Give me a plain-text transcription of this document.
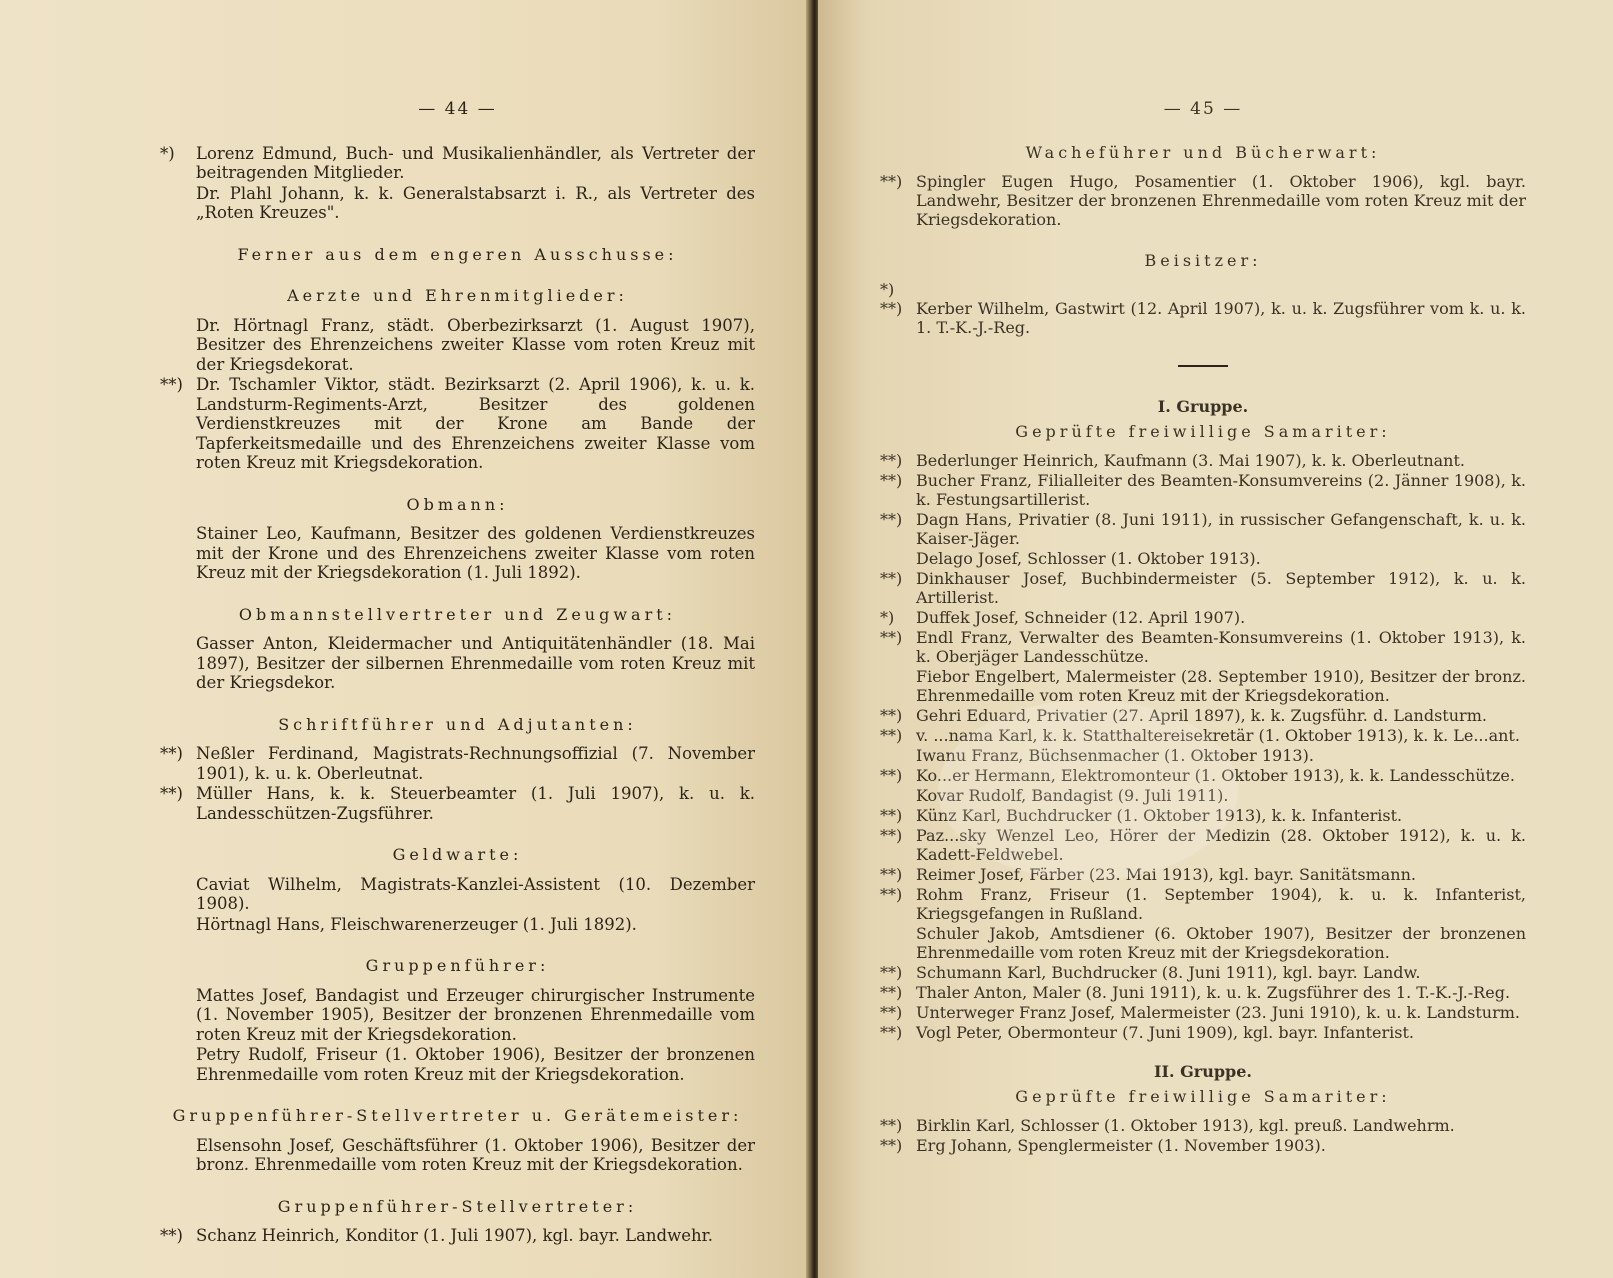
— 44 —

*) Lorenz Edmund, Buch- und Musikalienhändler, als Vertreter der beitragenden Mitglieder.

Dr. Plahl Johann, k. k. Generalstabsarzt i. R., als Vertreter des „Roten Kreuzes".

Ferner aus dem engeren Ausschusse:
Aerzte und Ehrenmitglieder:

Dr. Hörtnagl Franz, städt. Oberbezirksarzt (1. August 1907), Besitzer des Ehrenzeichens zweiter Klasse vom roten Kreuz mit der Kriegsdekorat.

**) Dr. Tschamler Viktor, städt. Bezirksarzt (2. April 1906), k. u. k. Landsturm-Regiments-Arzt, Besitzer des goldenen Verdienstkreuzes mit der Krone am Bande der Tapferkeitsmedaille und des Ehrenzeichens zweiter Klasse vom roten Kreuz mit Kriegsdekoration.

Obmann:

Stainer Leo, Kaufmann, Besitzer des goldenen Verdienstkreuzes mit der Krone und des Ehrenzeichens zweiter Klasse vom roten Kreuz mit der Kriegsdekoration (1. Juli 1892).

Obmannstellvertreter und Zeugwart:

Gasser Anton, Kleidermacher und Antiquitätenhändler (18. Mai 1897), Besitzer der silbernen Ehrenmedaille vom roten Kreuz mit der Kriegsdekor.

Schriftführer und Adjutanten:

**) Neßler Ferdinand, Magistrats-Rechnungsoffizial (7. November 1901), k. u. k. Oberleutnat.

**) Müller Hans, k. k. Steuerbeamter (1. Juli 1907), k. u. k. Landesschützen-Zugsführer.

Geldwarte:

Caviat Wilhelm, Magistrats-Kanzlei-Assistent (10. Dezember 1908).

Hörtnagl Hans, Fleischwarenerzeuger (1. Juli 1892).

Gruppenführer:

Mattes Josef, Bandagist und Erzeuger chirurgischer Instrumente (1. November 1905), Besitzer der bronzenen Ehrenmedaille vom roten Kreuz mit der Kriegsdekoration.

Petry Rudolf, Friseur (1. Oktober 1906), Besitzer der bronzenen Ehrenmedaille vom roten Kreuz mit der Kriegsdekoration.

Gruppenführer-Stellvertreter u. Gerätemeister:

Elsensohn Josef, Geschäftsführer (1. Oktober 1906), Besitzer der bronz. Ehrenmedaille vom roten Kreuz mit der Kriegsdekoration.

Gruppenführer-Stellvertreter:

**) Schanz Heinrich, Konditor (1. Juli 1907), kgl. bayr. Landwehr.

— 45 —
Wacheführer und Bücherwart:

**) Spingler Eugen Hugo, Posamentier (1. Oktober 1906), kgl. bayr. Landwehr, Besitzer der bronzenen Ehrenmedaille vom roten Kreuz mit der Kriegsdekoration.

Beisitzer:

*) **) Kerber Wilhelm, Gastwirt (12. April 1907), k. u. k. Zugsführer vom k. u. k. 1. T.-K.-J.-Reg.

I. Gruppe.
Geprüfte freiwillige Samariter:

**) Bederlunger Heinrich, Kaufmann (3. Mai 1907), k. k. Oberleutnant.

**) Bucher Franz, Filialleiter des Beamten-Konsumvereins (2. Jänner 1908), k. k. Festungsartillerist.

**) Dagn Hans, Privatier (8. Juni 1911), in russischer Gefangenschaft, k. u. k. Kaiser-Jäger.

Delago Josef, Schlosser (1. Oktober 1913).

**) Dinkhauser Josef, Buchbindermeister (5. September 1912), k. u. k. Artillerist.

*) Duffek Josef, Schneider (12. April 1907).

**) Endl Franz, Verwalter des Beamten-Konsumvereins (1. Oktober 1913), k. k. Oberjäger Landesschütze.

Fiebor Engelbert, Malermeister (28. September 1910), Besitzer der bronz. Ehrenmedaille vom roten Kreuz mit der Kriegsdekoration.

**) Gehri Eduard, Privatier (27. April 1897), k. k. Zugsführ. d. Landsturm.

**) v. ...nama Karl, k. k. Statthaltereisekretär (1. Oktober 1913), k. k. Le...ant.

Iwanu Franz, Büchsenmacher (1. Oktober 1913).

**) Ko...er Hermann, Elektromonteur (1. Oktober 1913), k. k. Landesschütze.

Kovar Rudolf, Bandagist (9. Juli 1911).

**) Künz Karl, Buchdrucker (1. Oktober 1913), k. k. Infanterist.

**) Paz...sky Wenzel Leo, Hörer der Medizin (28. Oktober 1912), k. u. k. Kadett-Feldwebel.

**) Reimer Josef, Färber (23. Mai 1913), kgl. bayr. Sanitätsmann.

**) Rohm Franz, Friseur (1. September 1904), k. u. k. Infanterist, Kriegsgefangen in Rußland.

Schuler Jakob, Amtsdiener (6. Oktober 1907), Besitzer der bronzenen Ehrenmedaille vom roten Kreuz mit der Kriegsdekoration.

**) Schumann Karl, Buchdrucker (8. Juni 1911), kgl. bayr. Landw.

**) Thaler Anton, Maler (8. Juni 1911), k. u. k. Zugsführer des 1. T.-K.-J.-Reg.

**) Unterweger Franz Josef, Malermeister (23. Juni 1910), k. u. k. Landsturm.

**) Vogl Peter, Obermonteur (7. Juni 1909), kgl. bayr. Infanterist.

II. Gruppe.
Geprüfte freiwillige Samariter:

**) Birklin Karl, Schlosser (1. Oktober 1913), kgl. preuß. Landwehrm.

**) Erg Johann, Spenglermeister (1. November 1903).
